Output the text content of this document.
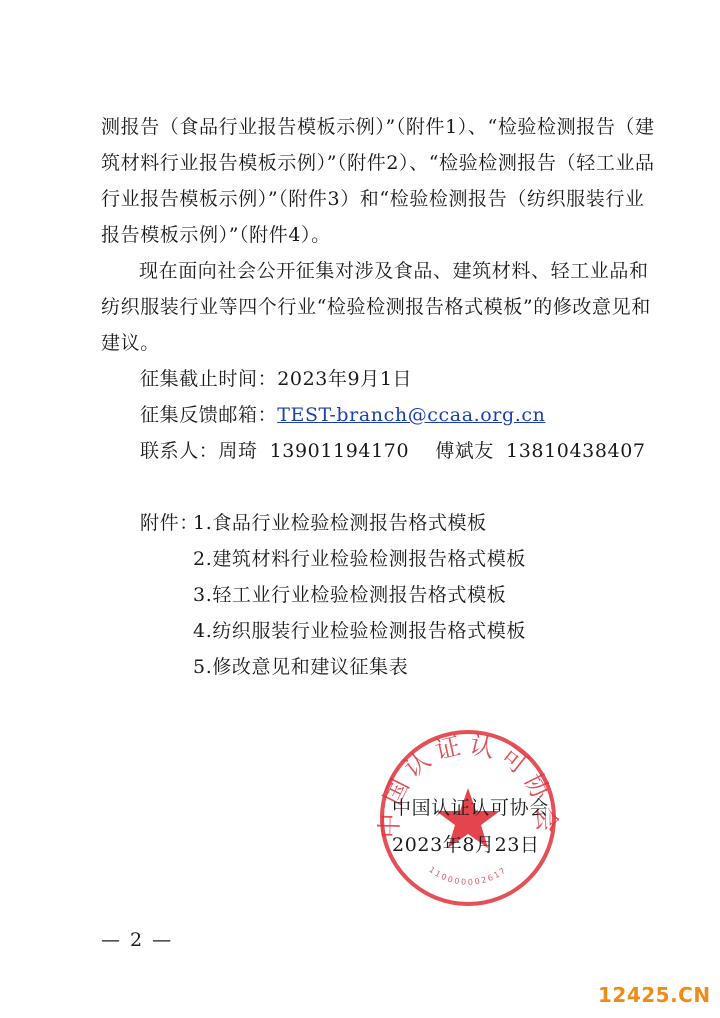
测报告（食品行业报告模板示例）”（附件1）、“检验检测报告（建
筑材料行业报告模板示例）”（附件2）、“检验检测报告（轻工业品
行业报告模板示例）”（附件3）和“检验检测报告（纺织服装行业
报告模板示例）”（附件4）。

现在面向社会公开征集对涉及食品、建筑材料、轻工业品和
纺织服装行业等四个行业“检验检测报告格式模板”的修改意见和
建议。

征集截止时间：2023年9月1日
征集反馈邮箱：TEST-branch@ccaa.org.cn
联系人：周琦 13901194170 傅斌友 13810438407
附件：
1.食品行业检验检测报告格式模板
2.建筑材料行业检验检测报告格式模板
3.轻工业行业检验检测报告格式模板
4.纺织服装行业检验检测报告格式模板
5.修改意见和建议征集表
中国认证认可协会
110000002617
中国认证认可协会
2023年8月23日
— 2 —
12425.CN
